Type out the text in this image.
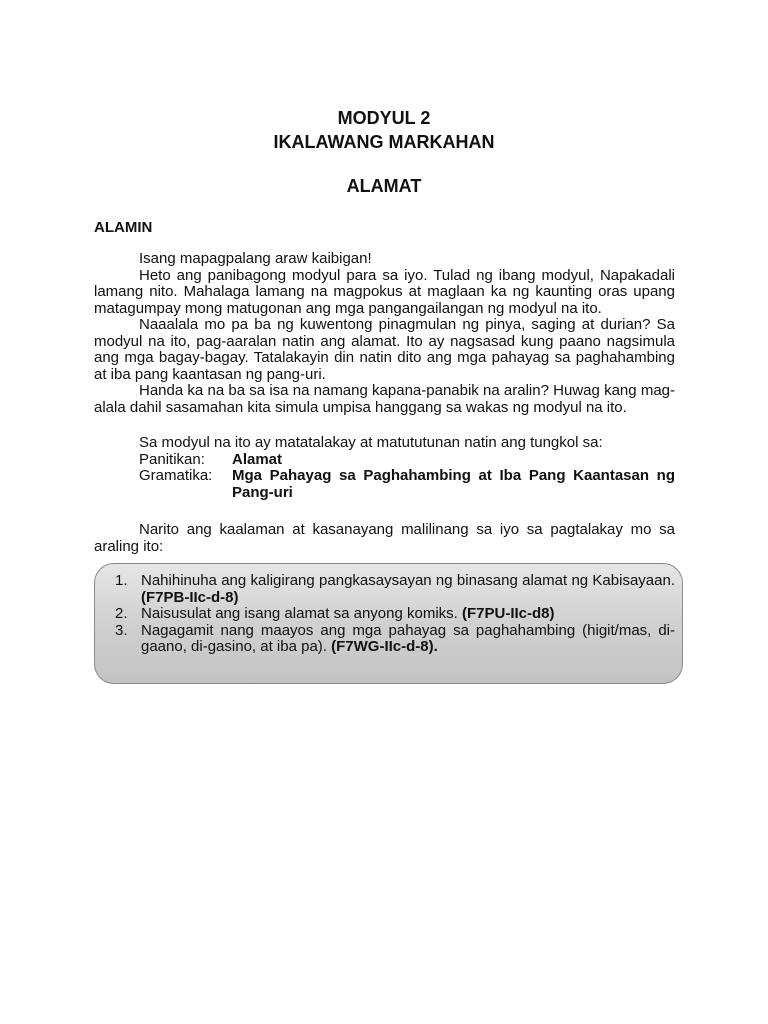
MODYUL 2
IKALAWANG MARKAHAN
ALAMAT
ALAMIN

Isang mapagpalang araw kaibigan!

Heto ang panibagong modyul para sa iyo. Tulad ng ibang modyul, Napakadali lamang nito. Mahalaga lamang na magpokus at maglaan ka ng kaunting oras upang matagumpay mong matugonan ang mga pangangailangan ng modyul na ito.

Naaalala mo pa ba ng kuwentong pinagmulan ng pinya, saging at durian? Sa modyul na ito, pag-aaralan natin ang alamat. Ito ay nagsasad kung paano nagsimula ang mga bagay-bagay. Tatalakayin din natin dito ang mga pahayag sa paghahambing at iba pang kaantasan ng pang-uri.

Handa ka na ba sa isa na namang kapana-panabik na aralin? Huwag kang mag-alala dahil sasamahan kita simula umpisa hanggang sa wakas ng modyul na ito.

Sa modyul na ito ay matatalakay at matututunan natin ang tungkol sa:

Panitikan:	Alamat
Gramatika:	Mga Pahayag sa Paghahambing at Iba Pang Kaantasan ng Pang-uri

Narito ang kaalaman at kasanayang malilinang sa iyo sa pagtalakay mo sa araling ito:

1. Nahihinuha ang kaligirang pangkasaysayan ng binasang alamat ng Kabisayaan. (F7PB-IIc-d-8)
2. Naisusulat ang isang alamat sa anyong komiks. (F7PU-IIc-d8)
3. Nagagamit nang maayos ang mga pahayag sa paghahambing (higit/mas, di-gaano, di-gasino, at iba pa). (F7WG-IIc-d-8).
